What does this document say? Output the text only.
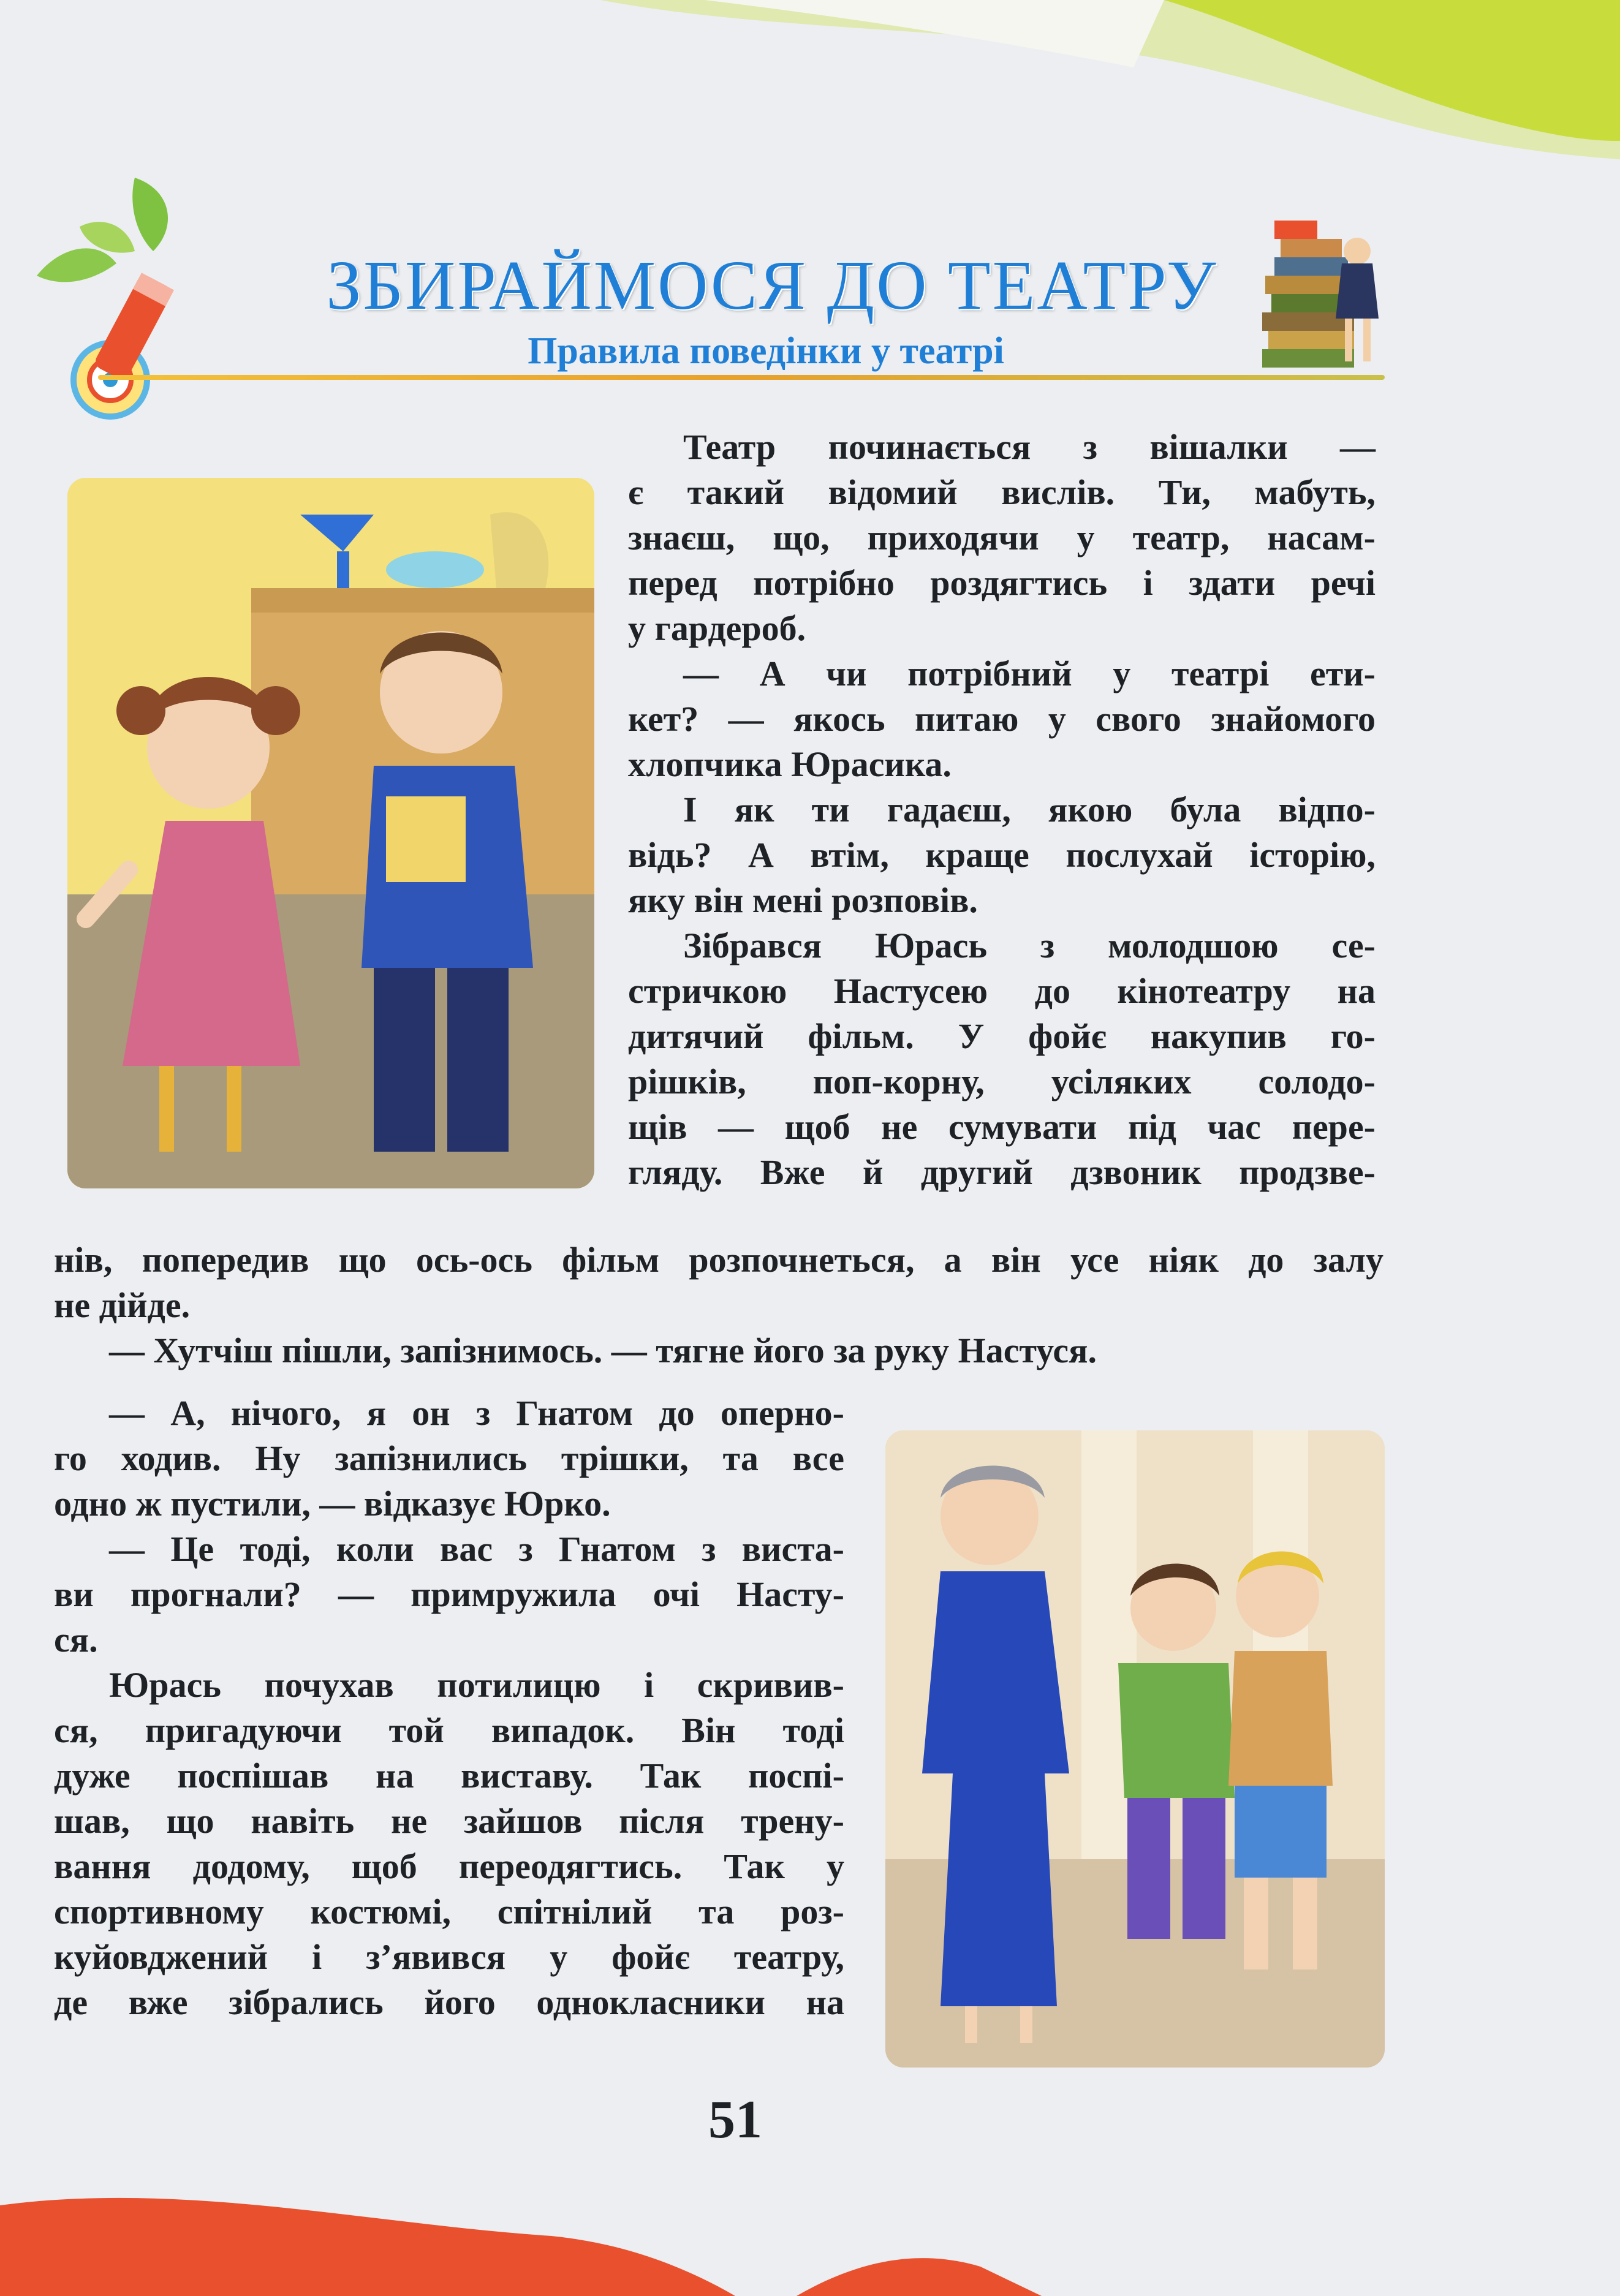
ЗБИРАЙМОСЯ ДО ТЕАТРУ
Правила поведінки у театрі

Театр починається з вішалки —

є такий відомий вислів. Ти, мабуть,
знаєш, що, приходячи у театр, насам-
перед потрібно роздягтись і здати речі
у гардероб.

— А чи потрібний у театрі ети-

кет? — якось питаю у свого знайомого
хлопчика Юрасика.

І як ти гадаєш, якою була відпо-

відь? А втім, краще послухай історію,
яку він мені розповів.

Зібрався Юрась з молодшою се-

стричкою Настусею до кінотеатру на
дитячий фільм. У фойє накупив го-
рішків, поп-корну, усіляких солодо-
щів — щоб не сумувати під час пере-
гляду. Вже й другий дзвоник продзве-
нів, попередив що ось-ось фільм розпочнеться, а він усе ніяк до залу
не дійде.

— Хутчіш пішли, запізнимось. — тягне його за руку Настуся.

— А, нічого, я он з Гнатом до оперно-

го ходив. Ну запізнились трішки, та все
одно ж пустили, — відказує Юрко.

— Це тоді, коли вас з Гнатом з вистa-

ви прогнали? — примружила очі Насту-
ся.

Юрась почухав потилицю і скривив-

ся, пригадуючи той випадок. Він тоді
дуже поспішав на виставу. Так поспі-
шав, що навіть не зайшов після трену-
вання додому, щоб переодягтись. Так у
спортивному костюмі, спітнілий та роз-
куйовджений і з’явився у фойє театру,
де вже зібрались його однокласники на
51
